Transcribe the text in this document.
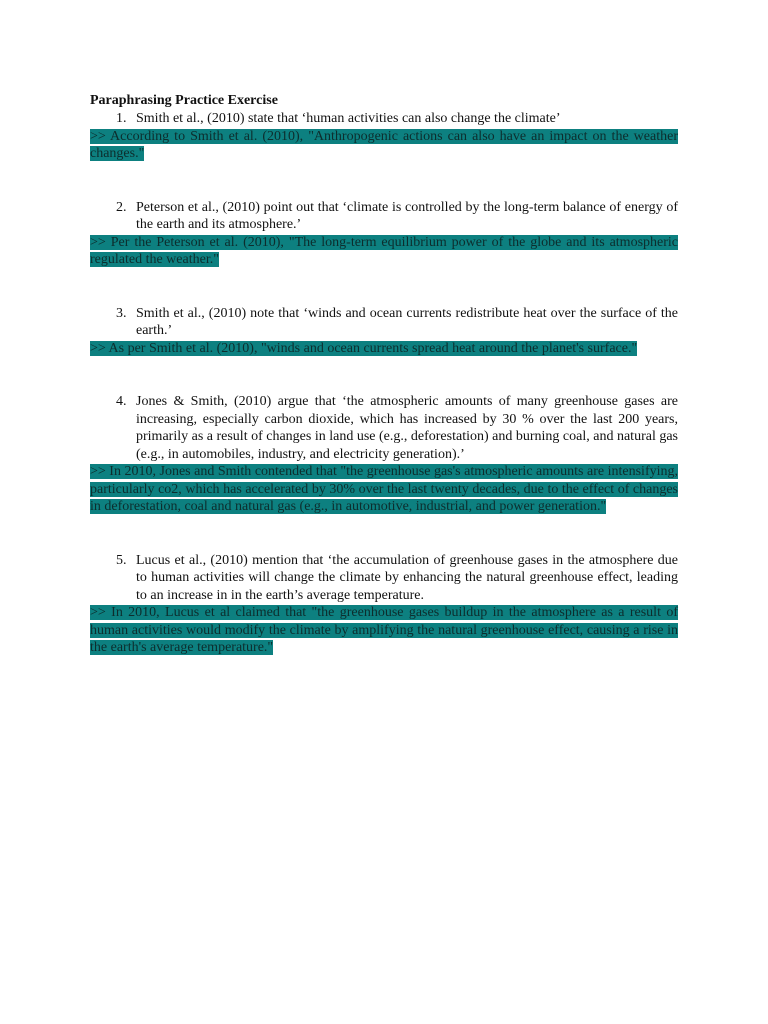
Paraphrasing Practice Exercise

1. Smith et al., (2010) state that ‘human activities can also change the climate’

>> According to Smith et al. (2010), "Anthropogenic actions can also have an impact on the weather changes."

2. Peterson et al., (2010) point out that ‘climate is controlled by the long-term balance of energy of the earth and its atmosphere.’

>> Per the Peterson et al. (2010), "The long-term equilibrium power of the globe and its atmospheric regulated the weather."

3. Smith et al., (2010) note that ‘winds and ocean currents redistribute heat over the surface of the earth.’

>> As per Smith et al. (2010), "winds and ocean currents spread heat around the planet's surface."

4. Jones & Smith, (2010) argue that ‘the atmospheric amounts of many greenhouse gases are increasing, especially carbon dioxide, which has increased by 30 % over the last 200 years, primarily as a result of changes in land use (e.g., deforestation) and burning coal, and natural gas (e.g., in automobiles, industry, and electricity generation).’

>> In 2010, Jones and Smith contended that "the greenhouse gas's atmospheric amounts are intensifying, particularly co2, which has accelerated by 30% over the last twenty decades, due to the effect of changes in deforestation, coal and natural gas (e.g., in automotive, industrial, and power generation."

5. Lucus et al., (2010) mention that ‘the accumulation of greenhouse gases in the atmosphere due to human activities will change the climate by enhancing the natural greenhouse effect, leading to an increase in in the earth’s average temperature.

>> In 2010, Lucus et al claimed that "the greenhouse gases buildup in the atmosphere as a result of human activities would modify the climate by amplifying the natural greenhouse effect, causing a rise in the earth's average temperature."
